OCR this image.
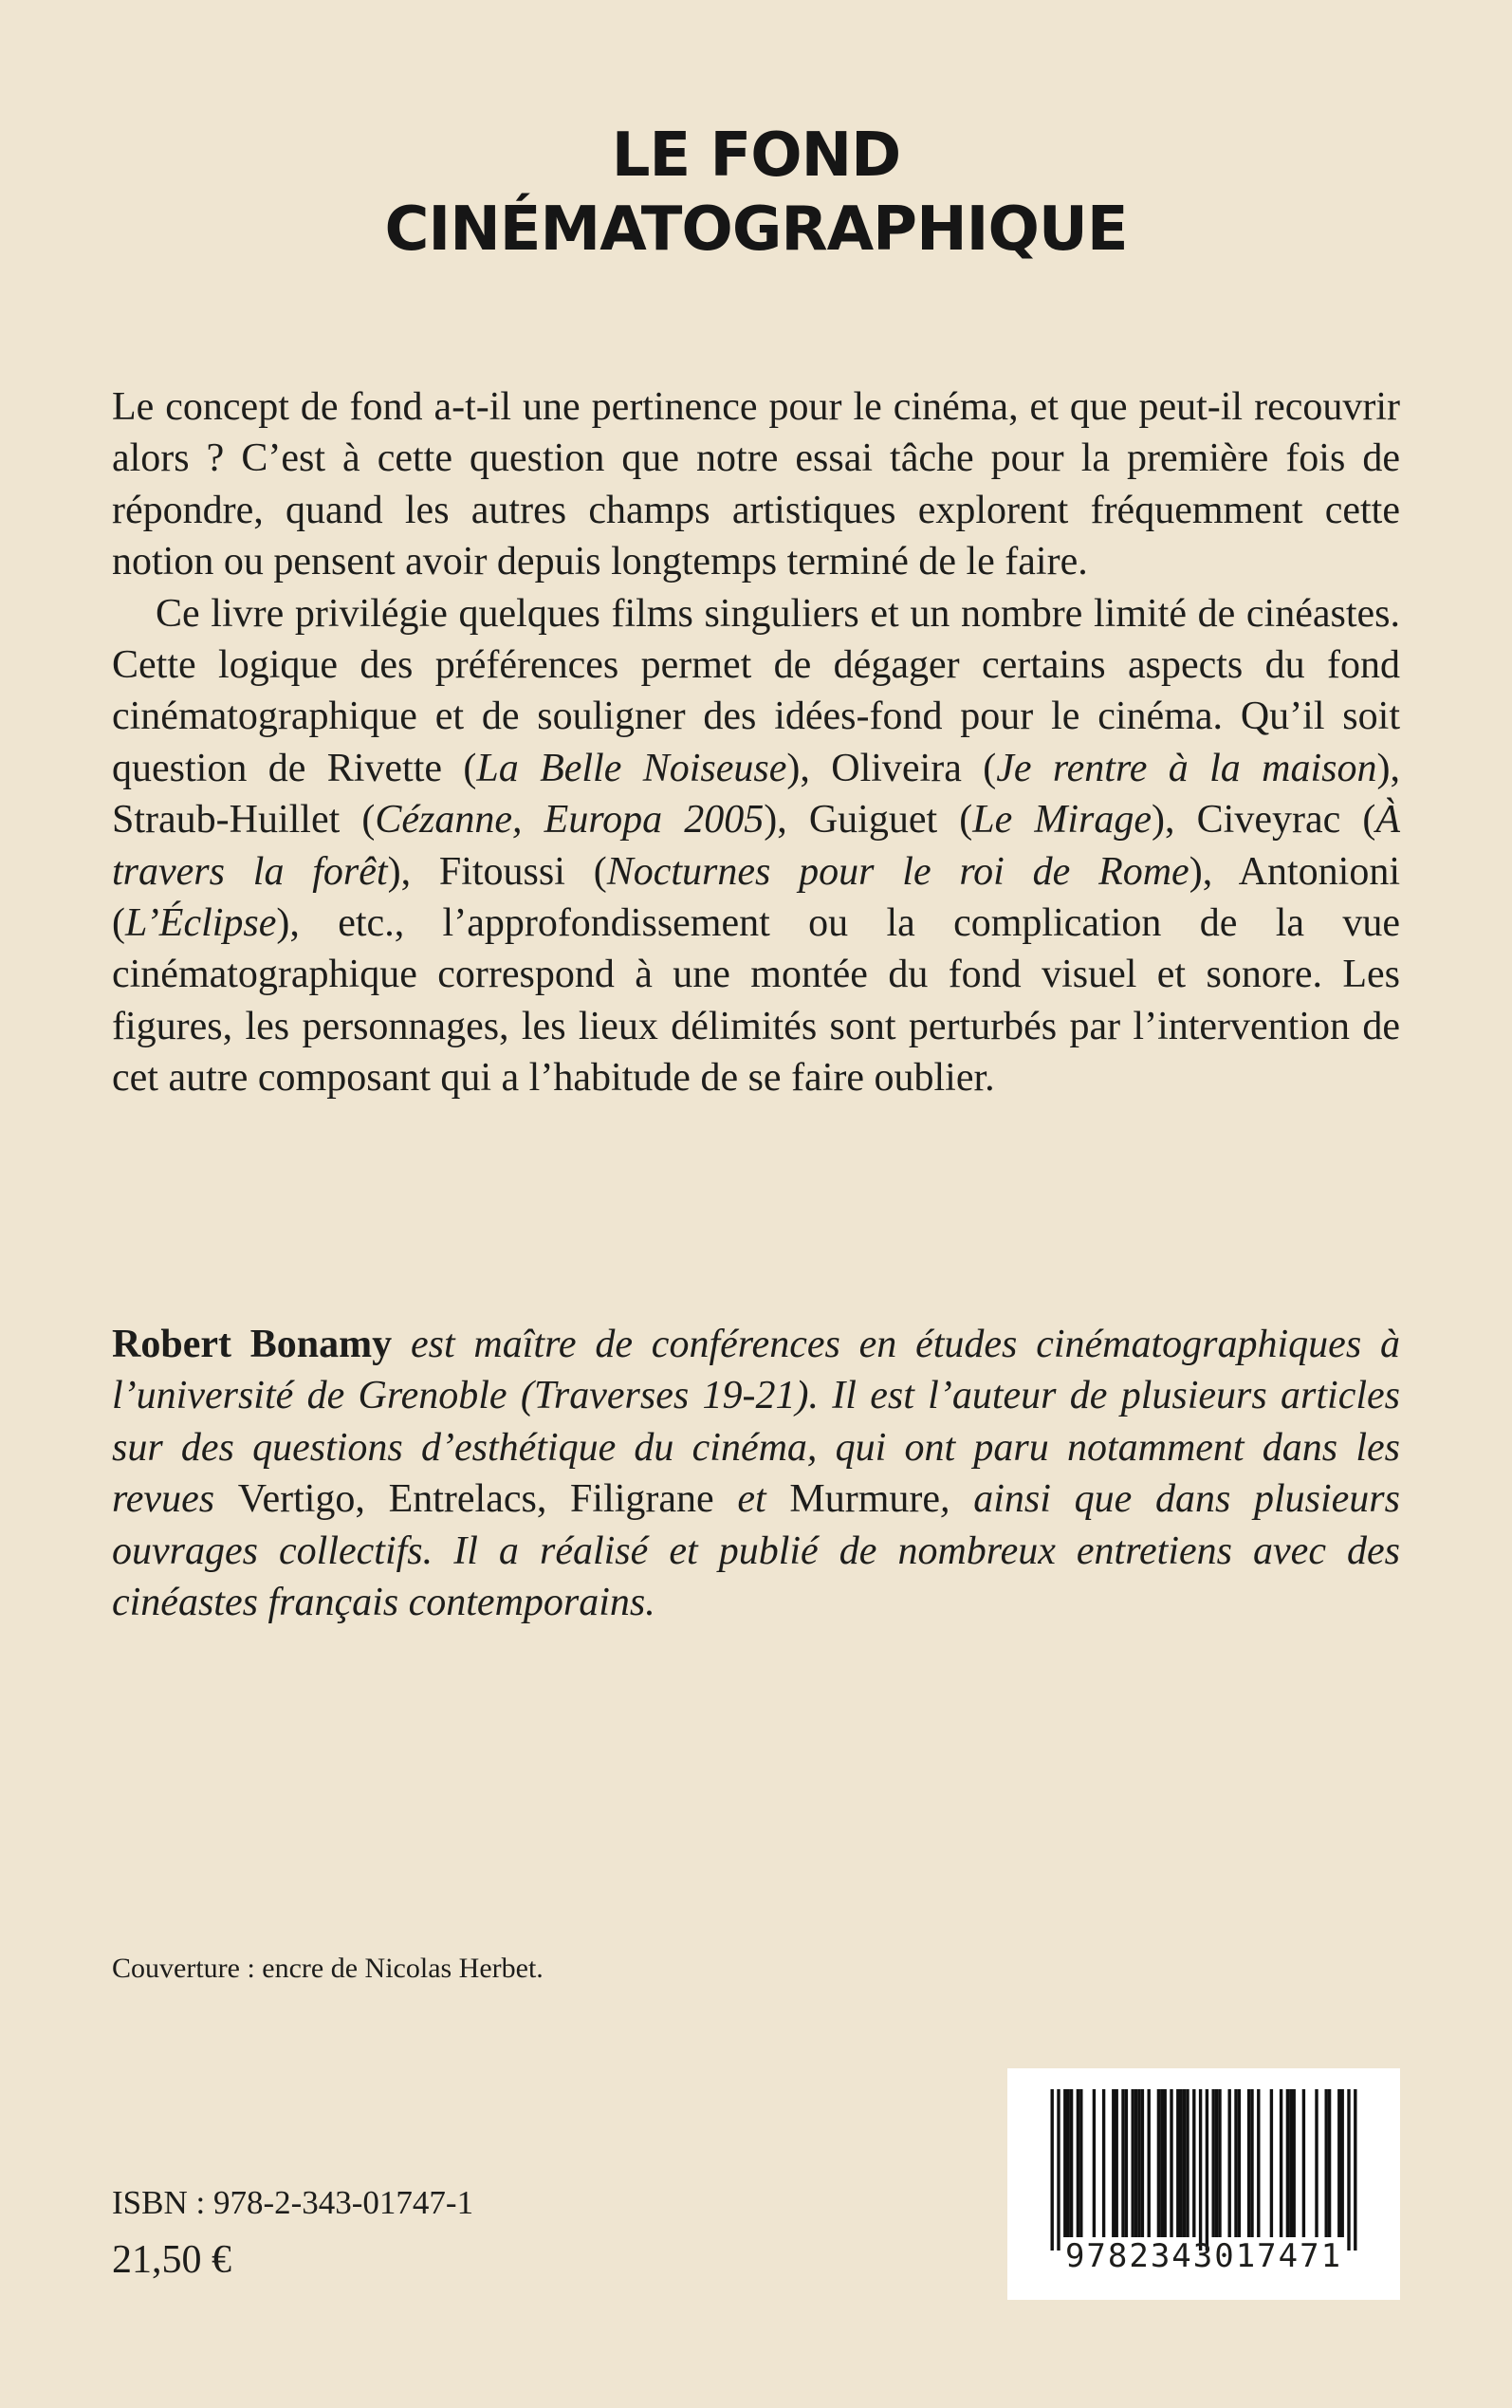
LE FOND
CINÉMATOGRAPHIQUE

Le concept de fond a-t-il une pertinence pour le cinéma, et que peut-il recouvrir alors ? C’est à cette question que notre essai tâche pour la première fois de répondre, quand les autres champs artistiques explorent fréquemment cette notion ou pensent avoir depuis longtemps terminé de le faire.

Ce livre privilégie quelques films singuliers et un nombre limité de cinéastes. Cette logique des préférences permet de dégager certains aspects du fond cinématographique et de souligner des idées-fond pour le cinéma. Qu’il soit question de Rivette (La Belle Noiseuse), Oliveira (Je rentre à la maison), Straub-Huillet (Cézanne, Europa 2005), Guiguet (Le Mirage), Civeyrac (À travers la forêt), Fitoussi (Nocturnes pour le roi de Rome), Antonioni (L’Éclipse), etc., l’approfondissement ou la complication de la vue cinématographique correspond à une montée du fond visuel et sonore. Les figures, les personnages, les lieux délimités sont perturbés par l’intervention de cet autre composant qui a l’habitude de se faire oublier.

Robert Bonamy est maître de conférences en études cinématographiques à l’université de Grenoble (Traverses 19-21). Il est l’auteur de plusieurs articles sur des questions d’esthétique du cinéma, qui ont paru notamment dans les revues Vertigo, Entrelacs, Filigrane et Murmure, ainsi que dans plusieurs ouvrages collectifs. Il a réalisé et publié de nombreux entretiens avec des cinéastes français contemporains.

Couverture : encre de Nicolas Herbet.
ISBN : 978-2-343-01747-1
21,50 €	9782343017471
